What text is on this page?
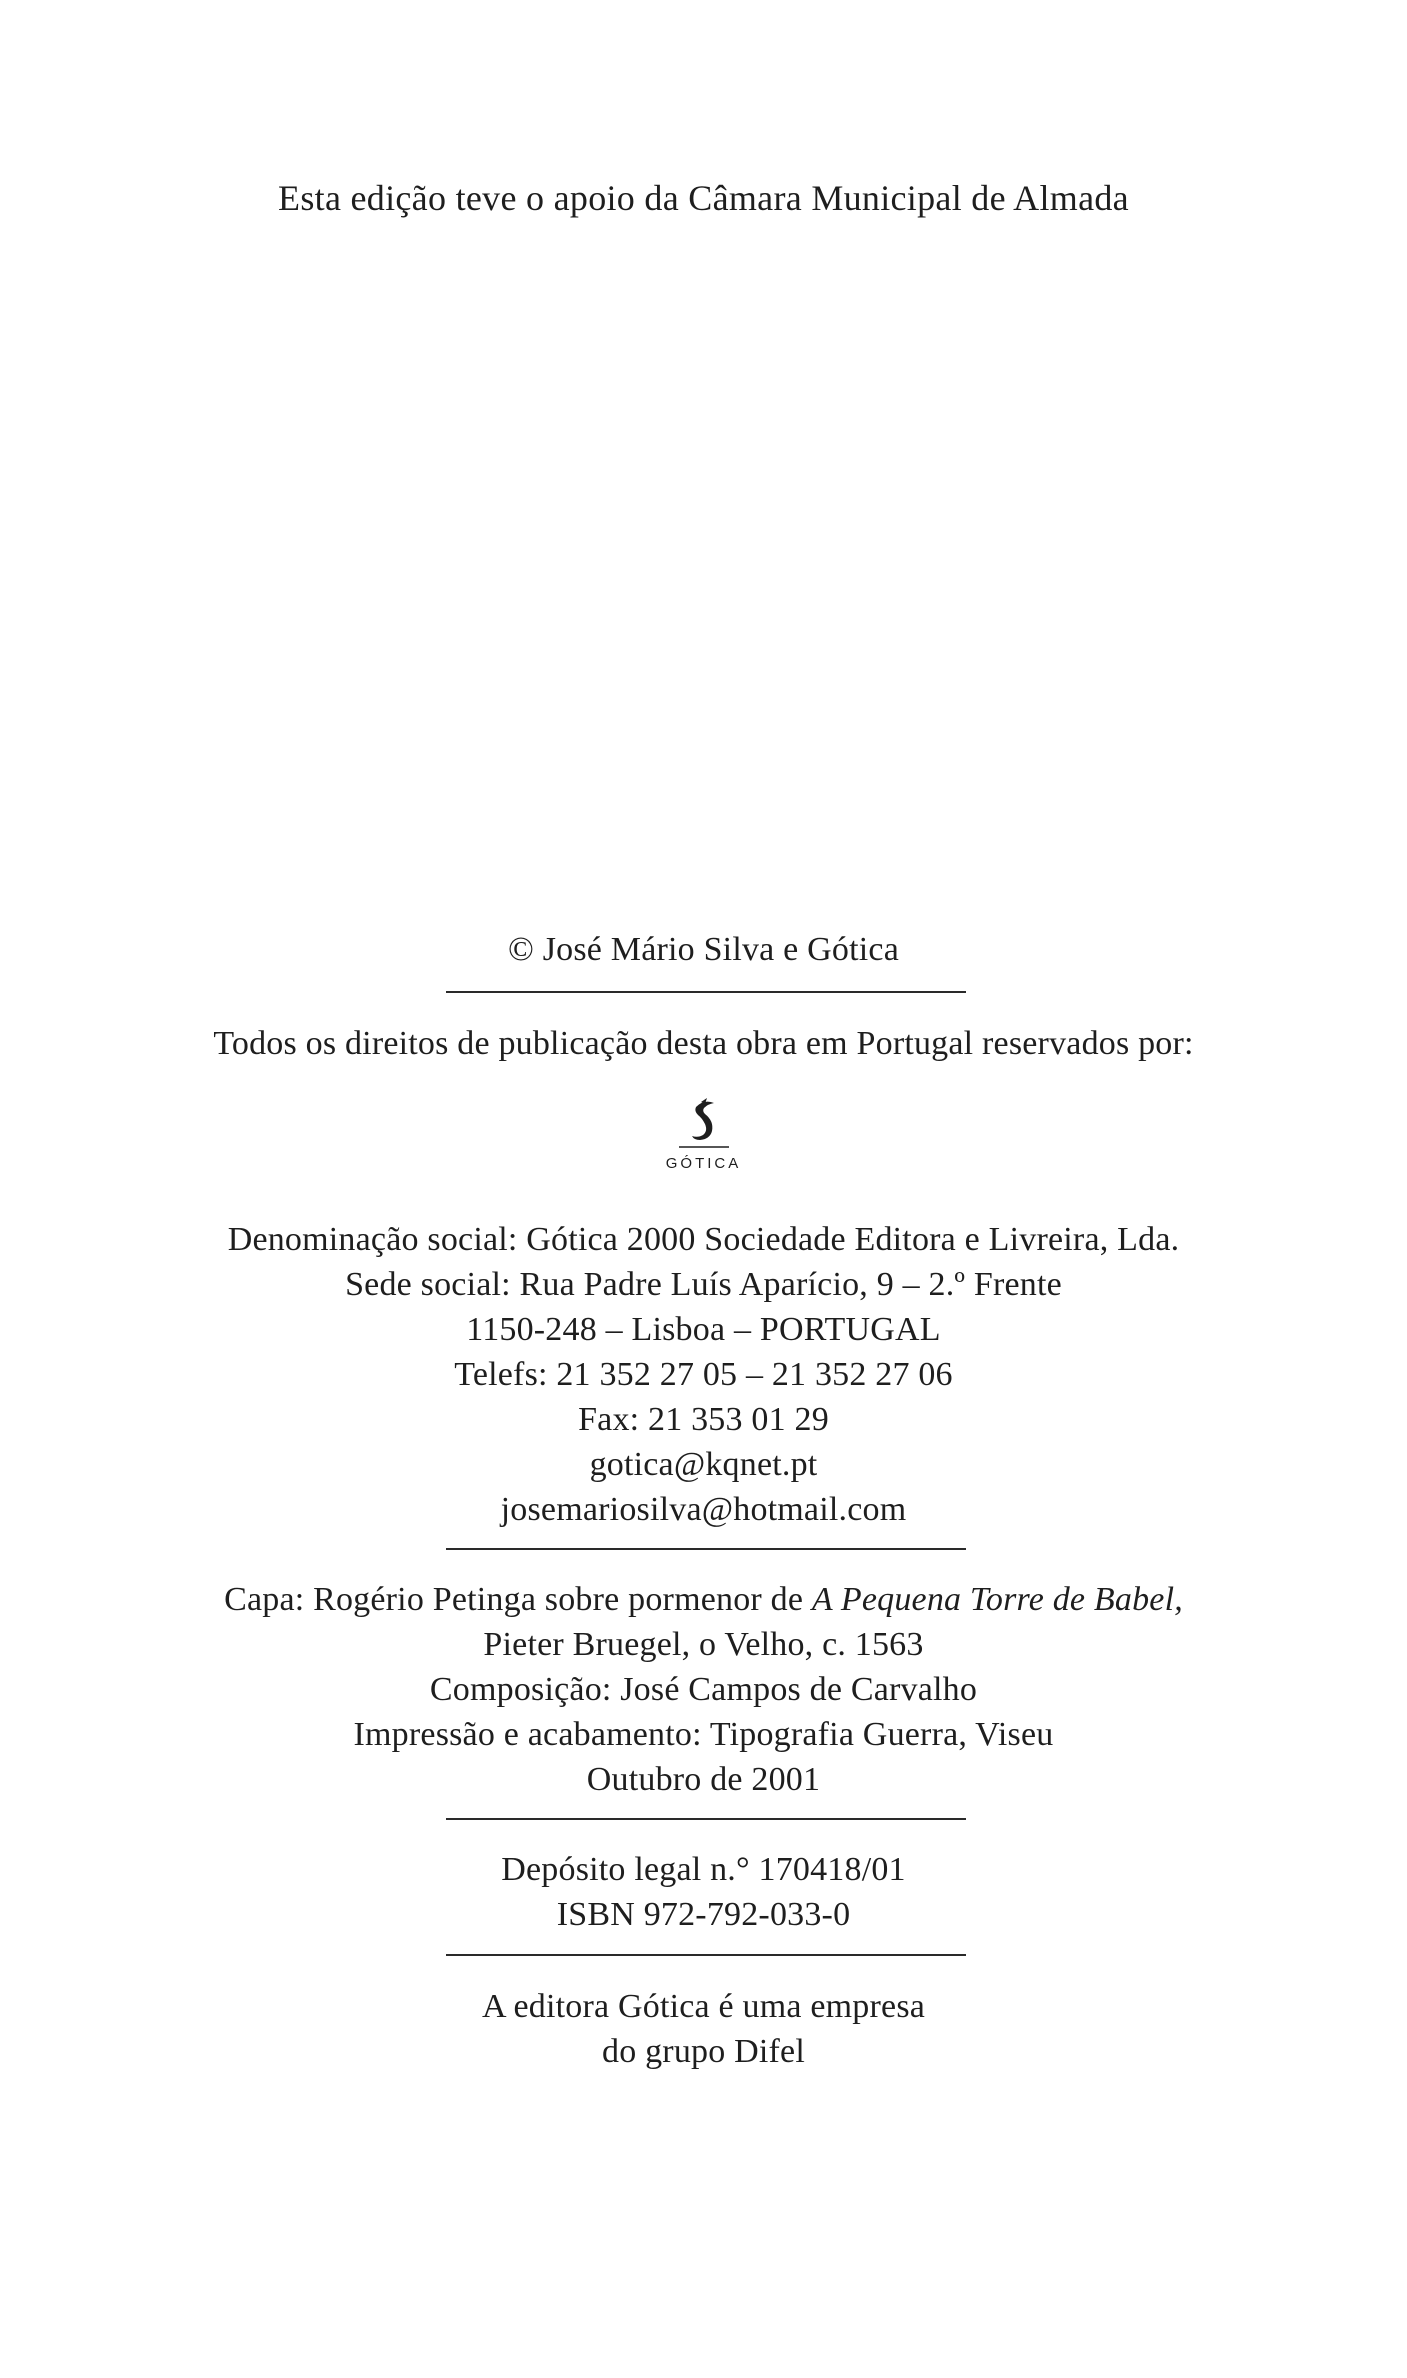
Esta edição teve o apoio da Câmara Municipal de Almada
© José Mário Silva e Gótica
Todos os direitos de publicação desta obra em Portugal reservados por:
GÓTICA
Denominação social: Gótica 2000 Sociedade Editora e Livreira, Lda.
Sede social: Rua Padre Luís Aparício, 9 – 2.º Frente
1150-248 – Lisboa – PORTUGAL
Telefs: 21 352 27 05 – 21 352 27 06
Fax: 21 353 01 29
gotica@kqnet.pt
josemariosilva@hotmail.com
Capa: Rogério Petinga sobre pormenor de A Pequena Torre de Babel,
Pieter Bruegel, o Velho, c. 1563
Composição: José Campos de Carvalho
Impressão e acabamento: Tipografia Guerra, Viseu
Outubro de 2001
Depósito legal n.° 170418/01
ISBN 972-792-033-0
A editora Gótica é uma empresa
do grupo Difel
